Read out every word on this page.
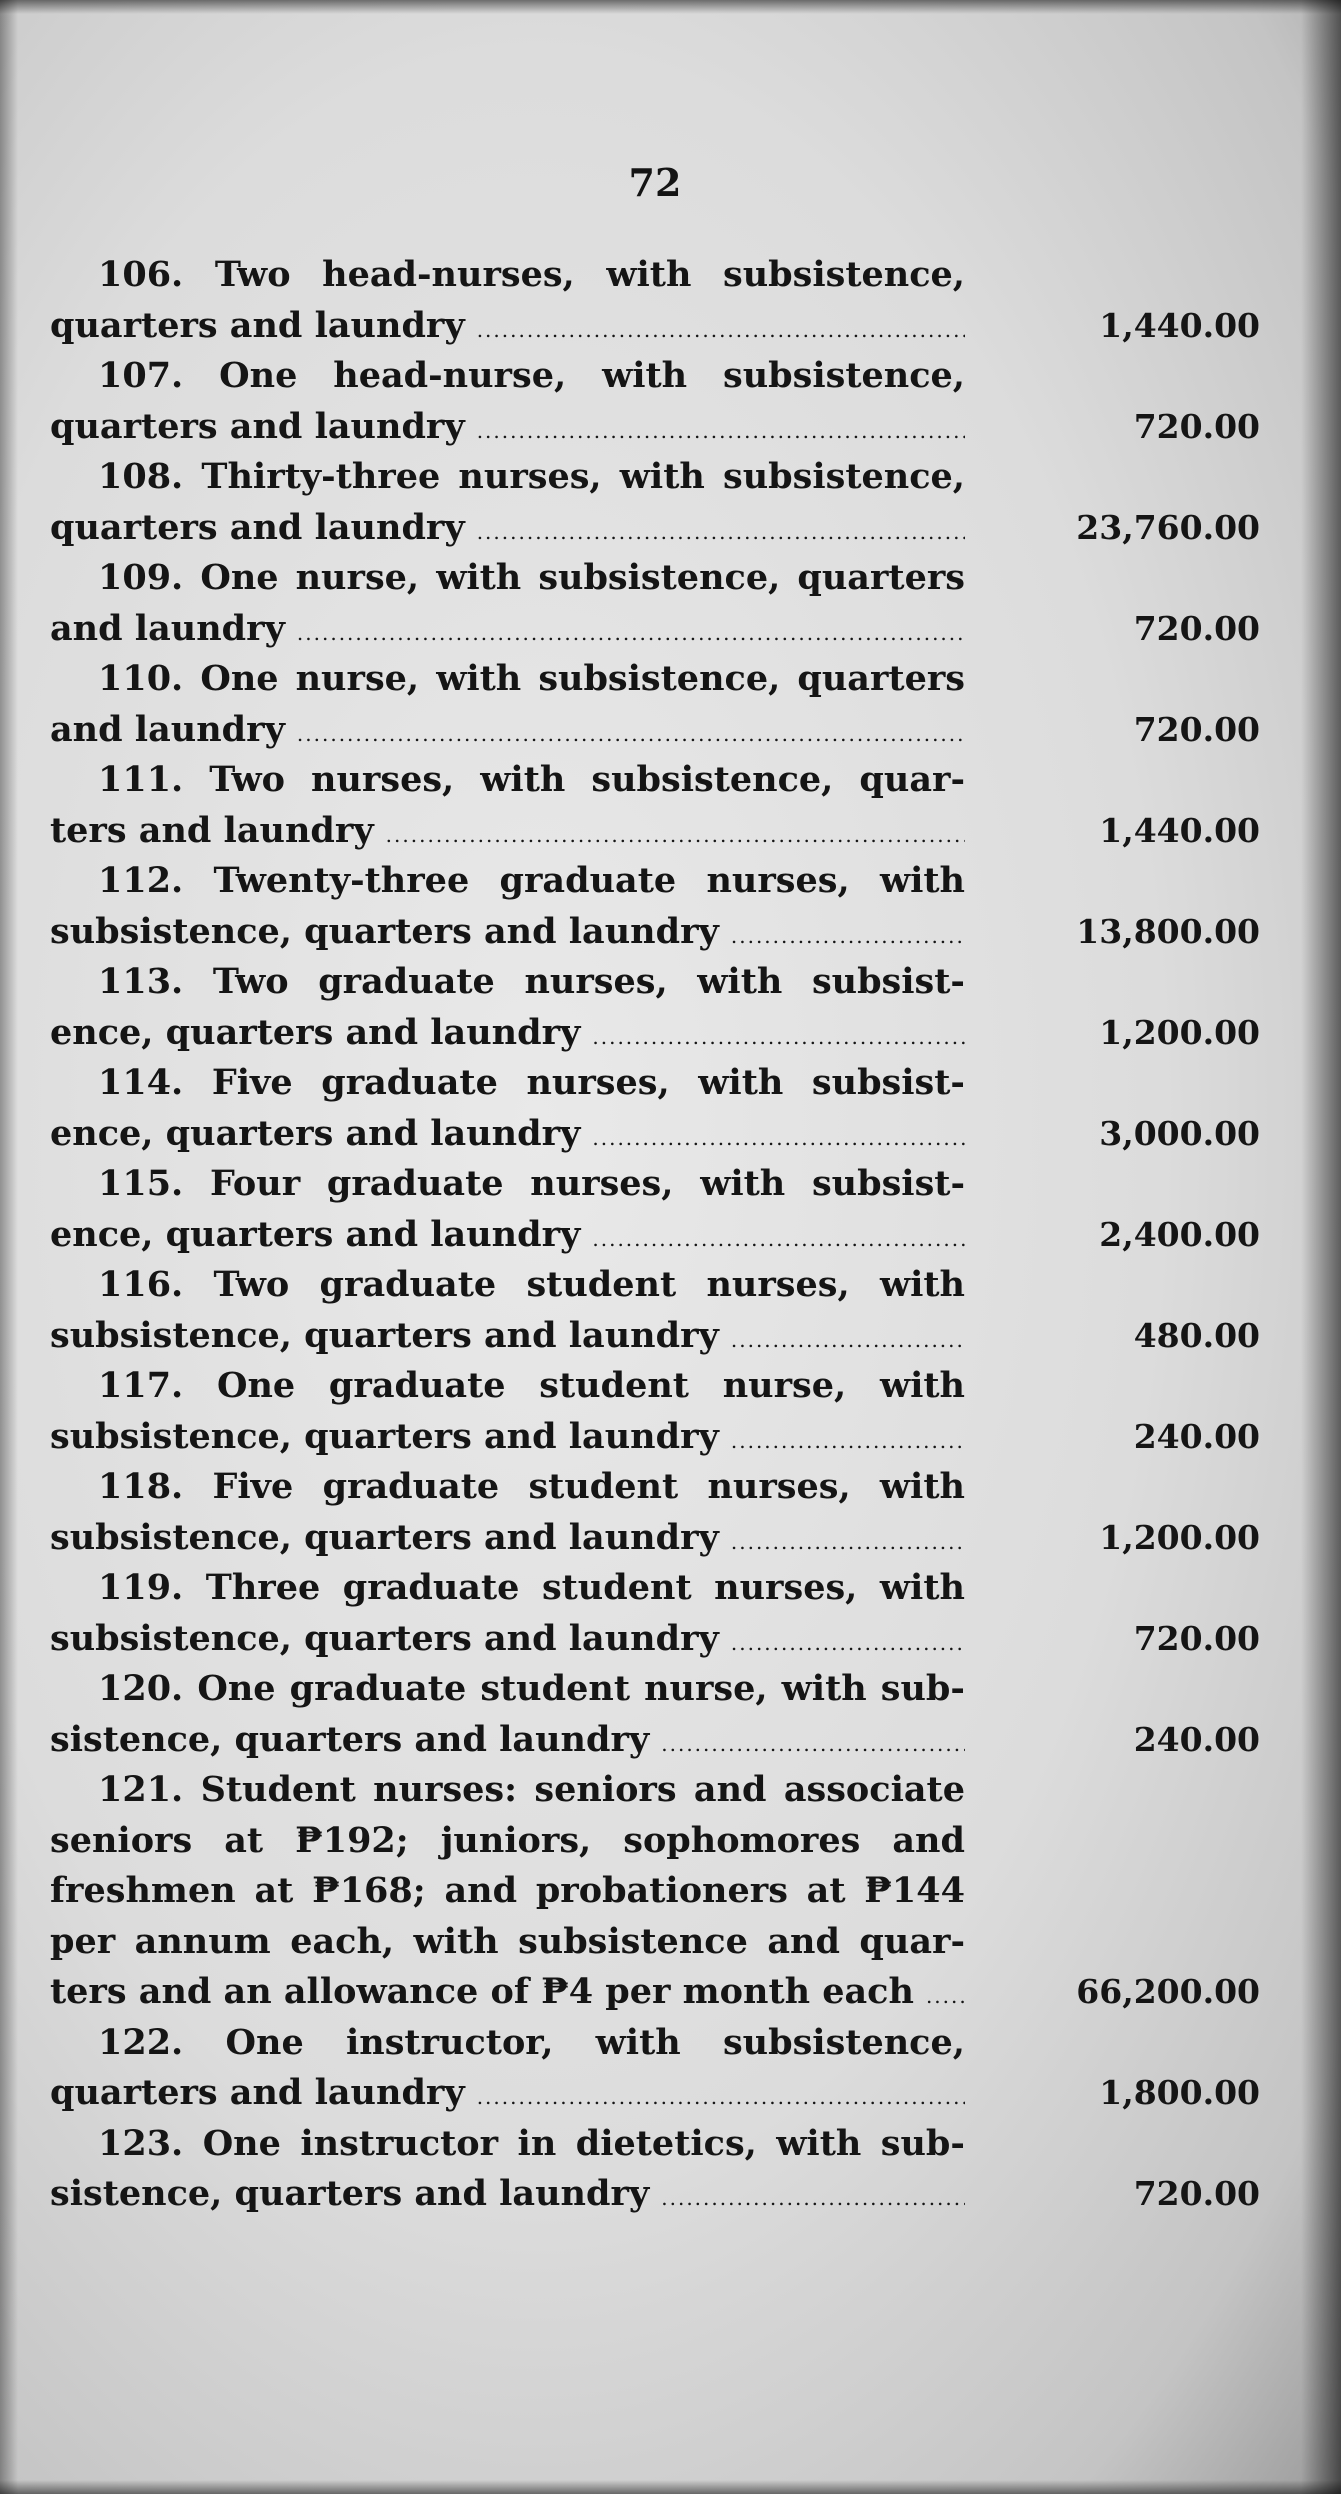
72
106. Two head-nurses, with subsistence,
quarters and laundry .....	1,440.00
107. One head-nurse, with subsistence,
quarters and laundry .....	720.00
108. Thirty-three nurses, with subsistence,
quarters and laundry .....	23,760.00
109. One nurse, with subsistence, quarters
and laundry .....	720.00
110. One nurse, with subsistence, quarters
and laundry .....	720.00
111. Two nurses, with subsistence, quar-
ters and laundry .....	1,440.00
112. Twenty-three graduate nurses, with
subsistence, quarters and laundry .....	13,800.00
113. Two graduate nurses, with subsist-
ence, quarters and laundry .....	1,200.00
114. Five graduate nurses, with subsist-
ence, quarters and laundry .....	3,000.00
115. Four graduate nurses, with subsist-
ence, quarters and laundry .....	2,400.00
116. Two graduate student nurses, with
subsistence, quarters and laundry .....	480.00
117. One graduate student nurse, with
subsistence, quarters and laundry .....	240.00
118. Five graduate student nurses, with
subsistence, quarters and laundry .....	1,200.00
119. Three graduate student nurses, with
subsistence, quarters and laundry .....	720.00
120. One graduate student nurse, with sub-
sistence, quarters and laundry .....	240.00
121. Student nurses: seniors and associate
seniors at ₱192; juniors, sophomores and
freshmen at ₱168; and probationers at ₱144
per annum each, with subsistence and quar-
ters and an allowance of ₱4 per month each .....	66,200.00
122. One instructor, with subsistence,
quarters and laundry .....	1,800.00
123. One instructor in dietetics, with sub-
sistence, quarters and laundry .....	720.00
